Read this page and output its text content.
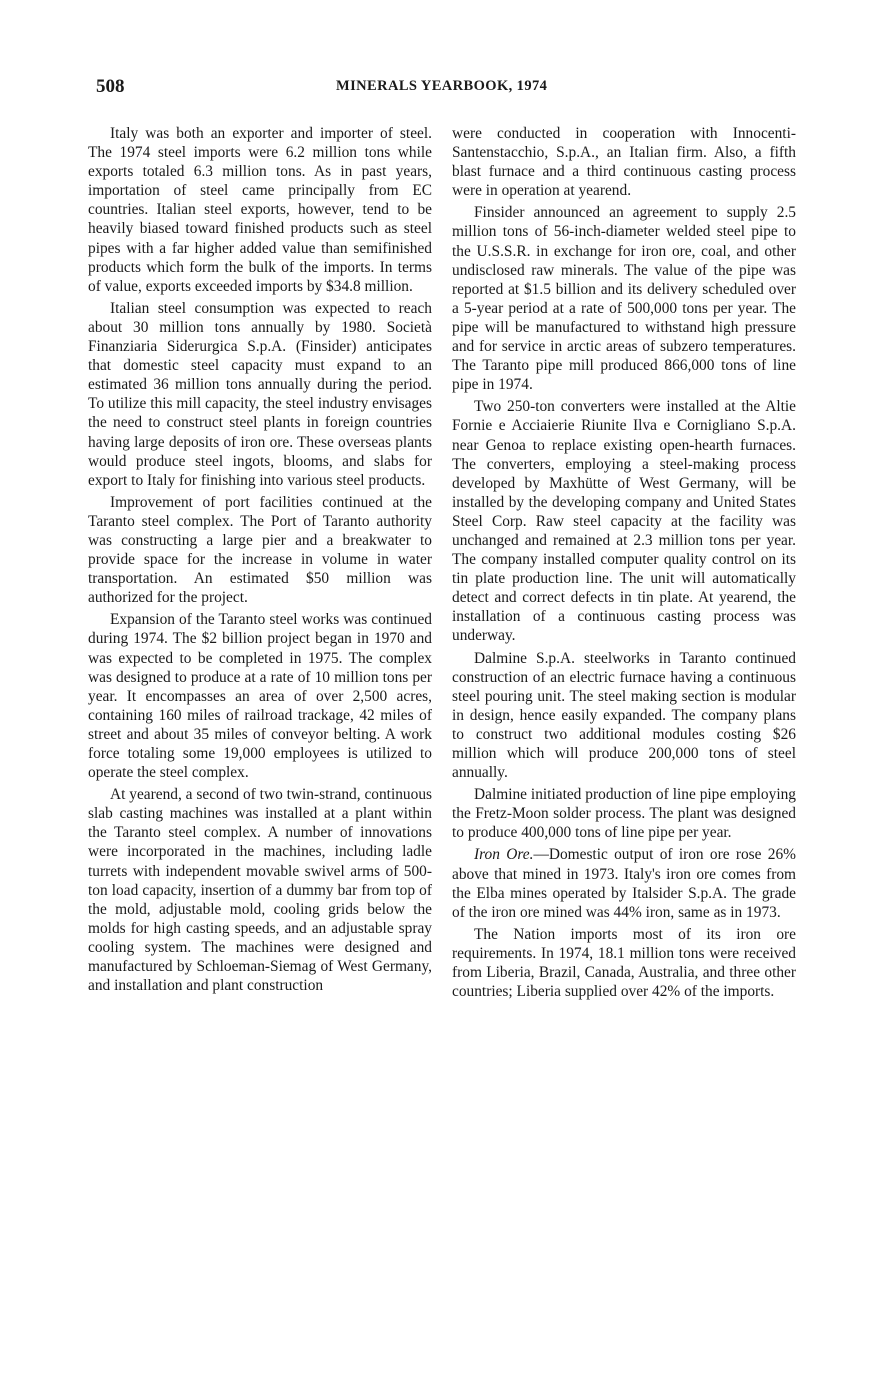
508	MINERALS YEARBOOK, 1974

Italy was both an exporter and importer of steel. The 1974 steel imports were 6.2 million tons while exports totaled 6.3 million tons. As in past years, importation of steel came principally from EC countries. Italian steel exports, however, tend to be heavily biased toward finished products such as steel pipes with a far higher added value than semifinished products which form the bulk of the imports. In terms of value, exports exceeded imports by $34.8 million.

Italian steel consumption was expected to reach about 30 million tons annually by 1980. Società Finanziaria Siderurgica S.p.A. (Finsider) anticipates that domestic steel capacity must expand to an estimated 36 million tons annually during the period. To utilize this mill capacity, the steel industry envisages the need to construct steel plants in foreign countries having large deposits of iron ore. These overseas plants would produce steel ingots, blooms, and slabs for export to Italy for finishing into various steel products.

Improvement of port facilities continued at the Taranto steel complex. The Port of Taranto authority was constructing a large pier and a breakwater to provide space for the increase in volume in water transportation. An estimated $50 million was authorized for the project.

Expansion of the Taranto steel works was continued during 1974. The $2 billion project began in 1970 and was expected to be completed in 1975. The complex was designed to produce at a rate of 10 million tons per year. It encompasses an area of over 2,500 acres, containing 160 miles of railroad trackage, 42 miles of street and about 35 miles of conveyor belting. A work force totaling some 19,000 employees is utilized to operate the steel complex.

At yearend, a second of two twin-strand, continuous slab casting machines was installed at a plant within the Taranto steel complex. A number of innovations were incorporated in the machines, including ladle turrets with independent movable swivel arms of 500-ton load capacity, insertion of a dummy bar from top of the mold, adjustable mold, cooling grids below the molds for high casting speeds, and an adjustable spray cooling system. The machines were designed and manufactured by Schloeman-Siemag of West Germany, and installation and plant construction

were conducted in cooperation with Innocenti-Santenstacchio, S.p.A., an Italian firm. Also, a fifth blast furnace and a third continuous casting process were in operation at yearend.

Finsider announced an agreement to supply 2.5 million tons of 56-inch-diameter welded steel pipe to the U.S.S.R. in exchange for iron ore, coal, and other undisclosed raw minerals. The value of the pipe was reported at $1.5 billion and its delivery scheduled over a 5-year period at a rate of 500,000 tons per year. The pipe will be manufactured to withstand high pressure and for service in arctic areas of subzero temperatures. The Taranto pipe mill produced 866,000 tons of line pipe in 1974.

Two 250-ton converters were installed at the Altie Fornie e Acciaierie Riunite Ilva e Cornigliano S.p.A. near Genoa to replace existing open-hearth furnaces. The converters, employing a steel-making process developed by Maxhütte of West Germany, will be installed by the developing company and United States Steel Corp. Raw steel capacity at the facility was unchanged and remained at 2.3 million tons per year. The company installed computer quality control on its tin plate production line. The unit will automatically detect and correct defects in tin plate. At yearend, the installation of a continuous casting process was underway.

Dalmine S.p.A. steelworks in Taranto continued construction of an electric furnace having a continuous steel pouring unit. The steel making section is modular in design, hence easily expanded. The company plans to construct two additional modules costing $26 million which will produce 200,000 tons of steel annually.

Dalmine initiated production of line pipe employing the Fretz-Moon solder process. The plant was designed to produce 400,000 tons of line pipe per year.

Iron Ore.—Domestic output of iron ore rose 26% above that mined in 1973. Italy's iron ore comes from the Elba mines operated by Italsider S.p.A. The grade of the iron ore mined was 44% iron, same as in 1973.

The Nation imports most of its iron ore requirements. In 1974, 18.1 million tons were received from Liberia, Brazil, Canada, Australia, and three other countries; Liberia supplied over 42% of the imports.
